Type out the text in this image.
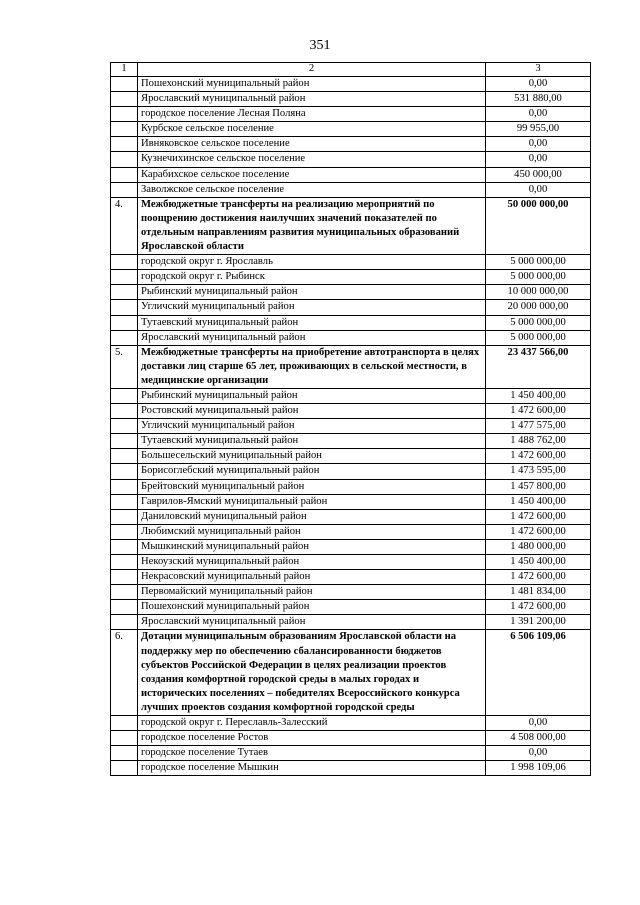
351
1	2	3
	Пошехонский муниципальный район	0,00
	Ярославский муниципальный район	531 880,00
	городское поселение Лесная Поляна	0,00
	Курбское сельское поселение	99 955,00
	Ивняковское сельское поселение	0,00
	Кузнечихинское сельское поселение	0,00
	Карабихское сельское поселение	450 000,00
	Заволжское сельское поселение	0,00
4.	Межбюджетные трансферты на реализацию мероприятий по поощрению достижения наилучших значений показателей по отдельным направлениям развития муниципальных образований Ярославской области	50 000 000,00
	городской округ г. Ярославль	5 000 000,00
	городской округ г. Рыбинск	5 000 000,00
	Рыбинский муниципальный район	10 000 000,00
	Угличский муниципальный район	20 000 000,00
	Тутаевский муниципальный район	5 000 000,00
	Ярославский муниципальный район	5 000 000,00
5.	Межбюджетные трансферты на приобретение автотранспорта в целях доставки лиц старше 65 лет, проживающих в сельской местности, в медицинские организации	23 437 566,00
	Рыбинский муниципальный район	1 450 400,00
	Ростовский муниципальный район	1 472 600,00
	Угличский муниципальный район	1 477 575,00
	Тутаевский муниципальный район	1 488 762,00
	Большесельский муниципальный район	1 472 600,00
	Борисоглебский муниципальный район	1 473 595,00
	Брейтовский муниципальный район	1 457 800,00
	Гаврилов-Ямский муниципальный район	1 450 400,00
	Даниловский муниципальный район	1 472 600,00
	Любимский муниципальный район	1 472 600,00
	Мышкинский муниципальный район	1 480 000,00
	Некоузский муниципальный район	1 450 400,00
	Некрасовский муниципальный район	1 472 600,00
	Первомайский муниципальный район	1 481 834,00
	Пошехонский муниципальный район	1 472 600,00
	Ярославский муниципальный район	1 391 200,00
6.	Дотации муниципальным образованиям Ярославской области на поддержку мер по обеспечению сбалансированности бюджетов субъектов Российской Федерации в целях реализации проектов создания комфортной городской среды в малых городах и исторических поселениях – победителях Всероссийского конкурса лучших проектов создания комфортной городской среды	6 506 109,06
	городской округ г. Переславль-Залесский	0,00
	городское поселение Ростов	4 508 000,00
	городское поселение Тутаев	0,00
	городское поселение Мышкин	1 998 109,06
